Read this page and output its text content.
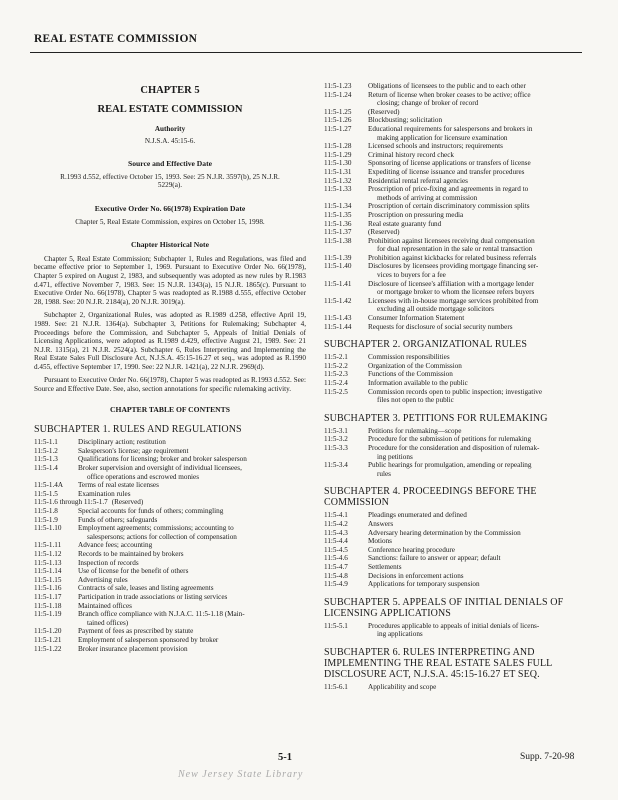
REAL ESTATE COMMISSION
CHAPTER 5
REAL ESTATE COMMISSION
Authority
N.J.S.A. 45:15-6.
Source and Effective Date
R.1993 d.552, effective October 15, 1993. See: 25 N.J.R. 3597(b), 25 N.J.R. 5229(a).
Executive Order No. 66(1978) Expiration Date
Chapter 5, Real Estate Commission, expires on October 15, 1998.
Chapter Historical Note

Chapter 5, Real Estate Commission; Subchapter 1, Rules and Regulations, was filed and became effective prior to September 1, 1969. Pursuant to Executive Order No. 66(1978), Chapter 5 expired on August 2, 1983, and subsequently was adopted as new rules by R.1983 d.471, effective November 7, 1983. See: 15 N.J.R. 1343(a), 15 N.J.R. 1865(c). Pursuant to Executive Order No. 66(1978), Chapter 5 was readopted as R.1988 d.555, effective October 28, 1988. See: 20 N.J.R. 2184(a), 20 N.J.R. 3019(a).

Subchapter 2, Organizational Rules, was adopted as R.1989 d.258, effective April 19, 1989. See: 21 N.J.R. 1364(a). Subchapter 3, Petitions for Rulemaking; Subchapter 4, Proceedings before the Commission, and Subchapter 5, Appeals of Initial Denials of Licensing Applications, were adopted as R.1989 d.429, effective August 21, 1989. See: 21 N.J.R. 1315(a), 21 N.J.R. 2524(a). Subchapter 6, Rules Interpreting and Implementing the Real Estate Sales Full Disclosure Act, N.J.S.A. 45:15-16.27 et seq., was adopted as R.1990 d.455, effective September 17, 1990. See: 22 N.J.R. 1421(a), 22 N.J.R. 2969(d).

Pursuant to Executive Order No. 66(1978), Chapter 5 was readopted as R.1993 d.552. See: Source and Effective Date. See, also, section annotations for specific rulemaking activity.

CHAPTER TABLE OF CONTENTS
SUBCHAPTER 1. RULES AND REGULATIONS
11:5-1.1	Disciplinary action; restitution
11:5-1.2	Salesperson's license; age requirement
11:5-1.3	Qualifications for licensing; broker and broker salesperson
11:5-1.4	Broker supervision and oversight of individual licensees,
office operations and escrowed monies
11:5-1.4A	Terms of real estate licenses
11:5-1.5	Examination rules
11:5-1.6 through 11:5-1.7 (Reserved)
11:5-1.8	Special accounts for funds of others; commingling
11:5-1.9	Funds of others; safeguards
11:5-1.10	Employment agreements; commissions; accounting to
salespersons; actions for collection of compensation
11:5-1.11	Advance fees; accounting
11:5-1.12	Records to be maintained by brokers
11:5-1.13	Inspection of records
11:5-1.14	Use of license for the benefit of others
11:5-1.15	Advertising rules
11:5-1.16	Contracts of sale, leases and listing agreements
11:5-1.17	Participation in trade associations or listing services
11:5-1.18	Maintained offices
11:5-1.19	Branch office compliance with N.J.A.C. 11:5-1.18 (Main-
tained offices)
11:5-1.20	Payment of fees as prescribed by statute
11:5-1.21	Employment of salesperson sponsored by broker
11:5-1.22	Broker insurance placement provision
11:5-1.23	Obligations of licensees to the public and to each other
11:5-1.24	Return of license when broker ceases to be active; office
closing; change of broker of record
11:5-1.25	(Reserved)
11:5-1.26	Blockbusting; solicitation
11:5-1.27	Educational requirements for salespersons and brokers in
making application for licensure examination
11:5-1.28	Licensed schools and instructors; requirements
11:5-1.29	Criminal history record check
11:5-1.30	Sponsoring of license applications or transfers of license
11:5-1.31	Expediting of license issuance and transfer procedures
11:5-1.32	Residential rental referral agencies
11:5-1.33	Proscription of price-fixing and agreements in regard to
methods of arriving at commission
11:5-1.34	Proscription of certain discriminatory commission splits
11:5-1.35	Proscription on pressuring media
11:5-1.36	Real estate guaranty fund
11:5-1.37	(Reserved)
11:5-1.38	Prohibition against licensees receiving dual compensation
for dual representation in the sale or rental transaction
11:5-1.39	Prohibition against kickbacks for related business referrals
11:5-1.40	Disclosures by licensees providing mortgage financing ser-
vices to buyers for a fee
11:5-1.41	Disclosure of licensee's affiliation with a mortgage lender
or mortgage broker to whom the licensee refers buyers
11:5-1.42	Licensees with in-house mortgage services prohibited from
excluding all outside mortgage solicitors
11:5-1.43	Consumer Information Statement
11:5-1.44	Requests for disclosure of social security numbers
SUBCHAPTER 2. ORGANIZATIONAL RULES
11:5-2.1	Commission responsibilities
11:5-2.2	Organization of the Commission
11:5-2.3	Functions of the Commission
11:5-2.4	Information available to the public
11:5-2.5	Commission records open to public inspection; investigative
files not open to the public
SUBCHAPTER 3. PETITIONS FOR RULEMAKING
11:5-3.1	Petitions for rulemaking—scope
11:5-3.2	Procedure for the submission of petitions for rulemaking
11:5-3.3	Procedure for the consideration and disposition of rulemak-
ing petitions
11:5-3.4	Public hearings for promulgation, amending or repealing
rules
SUBCHAPTER 4. PROCEEDINGS BEFORE THE COMMISSION
11:5-4.1	Pleadings enumerated and defined
11:5-4.2	Answers
11:5-4.3	Adversary hearing determination by the Commission
11:5-4.4	Motions
11:5-4.5	Conference hearing procedure
11:5-4.6	Sanctions: failure to answer or appear; default
11:5-4.7	Settlements
11:5-4.8	Decisions in enforcement actions
11:5-4.9	Applications for temporary suspension
SUBCHAPTER 5. APPEALS OF INITIAL DENIALS OF LICENSING APPLICATIONS
11:5-5.1	Procedures applicable to appeals of initial denials of licens-
ing applications
SUBCHAPTER 6. RULES INTERPRETING AND IMPLEMENTING THE REAL ESTATE SALES FULL DISCLOSURE ACT, N.J.S.A. 45:15-16.27 ET SEQ.
11:5-6.1	Applicability and scope
5-1	Supp. 7-20-98
New Jersey State Library
